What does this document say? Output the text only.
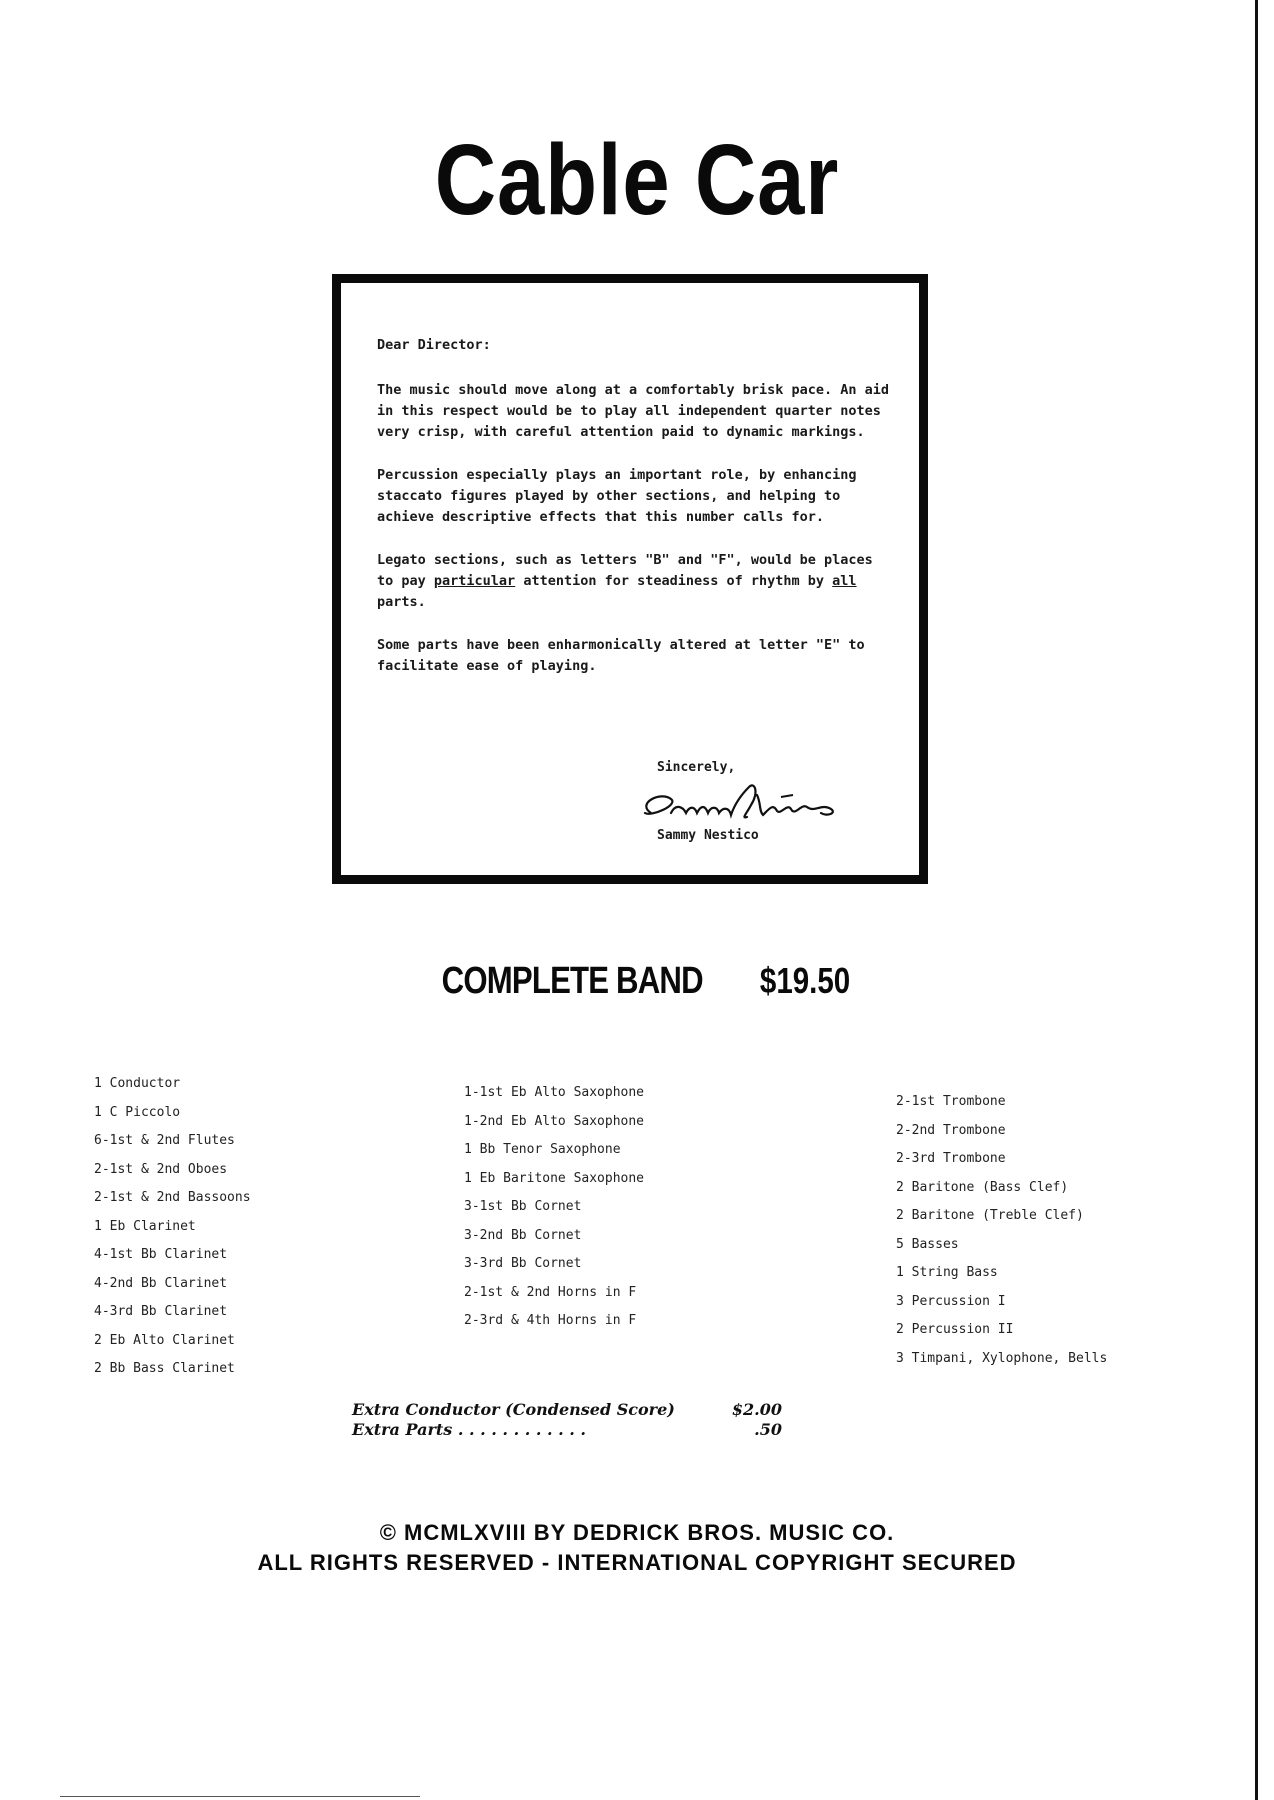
Cable Car

Dear Director:

The music should move along at a comfortably brisk pace. An aid in this respect would be to play all independent quarter notes very crisp, with careful attention paid to dynamic markings.

Percussion especially plays an important role, by enhancing staccato figures played by other sections, and helping to achieve descriptive effects that this number calls for.

Legato sections, such as letters "B" and "F", would be places to pay particular attention for steadiness of rhythm by all parts.

Some parts have been enharmonically altered at letter "E" to facilitate ease of playing.

Sincerely,
Sammy Nestico
COMPLETE BAND $19.50
1 Conductor
1 C Piccolo
6-1st & 2nd Flutes
2-1st & 2nd Oboes
2-1st & 2nd Bassoons
1 Eb Clarinet
4-1st Bb Clarinet
4-2nd Bb Clarinet
4-3rd Bb Clarinet
2 Eb Alto Clarinet
2 Bb Bass Clarinet
1-1st Eb Alto Saxophone
1-2nd Eb Alto Saxophone
1 Bb Tenor Saxophone
1 Eb Baritone Saxophone
3-1st Bb Cornet
3-2nd Bb Cornet
3-3rd Bb Cornet
2-1st & 2nd Horns in F
2-3rd & 4th Horns in F
2-1st Trombone
2-2nd Trombone
2-3rd Trombone
2 Baritone (Bass Clef)
2 Baritone (Treble Clef)
5 Basses
1 String Bass
3 Percussion I
2 Percussion II
3 Timpani, Xylophone, Bells
Extra Conductor (Condensed Score)	$2.00
Extra Parts . . . . . . . . . . . .	.50
© MCMLXVIII BY DEDRICK BROS. MUSIC CO.
ALL RIGHTS RESERVED - INTERNATIONAL COPYRIGHT SECURED
